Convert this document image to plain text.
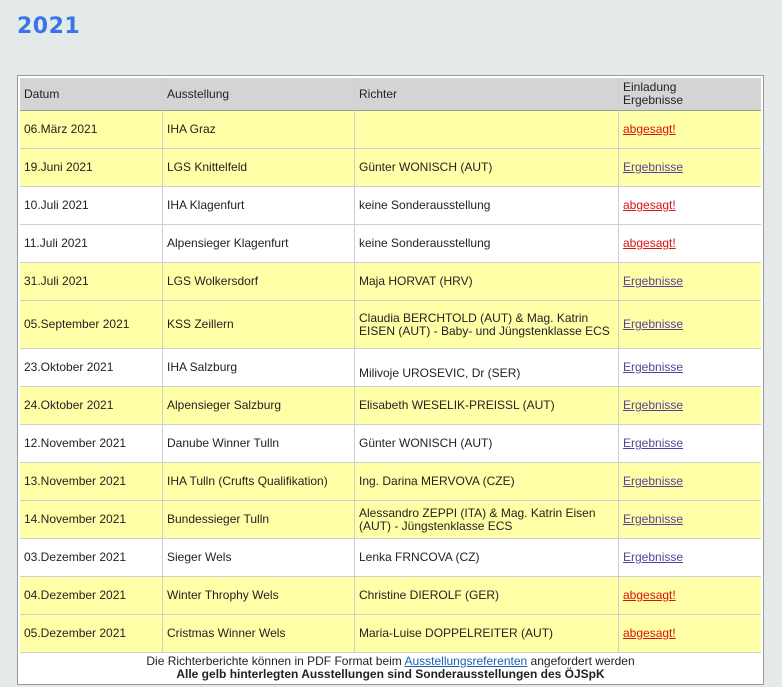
2021
Datum	Ausstellung	Richter	Einladung
Ergebnisse
06.März 2021	IHA Graz		abgesagt!
19.Juni 2021	LGS Knittelfeld	Günter WONISCH (AUT)	Ergebnisse
10.Juli 2021	IHA Klagenfurt	keine Sonderausstellung	abgesagt!
11.Juli 2021	Alpensieger Klagenfurt	keine Sonderausstellung	abgesagt!
31.Juli 2021	LGS Wolkersdorf	Maja HORVAT (HRV)	Ergebnisse
05.September 2021	KSS Zeillern	Claudia BERCHTOLD (AUT) & Mag. Katrin EISEN (AUT) - Baby- und Jüngstenklasse ECS	Ergebnisse
23.Oktober 2021	IHA Salzburg	Milivoje UROSEVIC, Dr (SER)	Ergebnisse
24.Oktober 2021	Alpensieger Salzburg	Elisabeth WESELIK-PREISSL (AUT)	Ergebnisse
12.November 2021	Danube Winner Tulln	Günter WONISCH (AUT)	Ergebnisse
13.November 2021	IHA Tulln (Crufts Qualifikation)	Ing. Darina MERVOVA (CZE)	Ergebnisse
14.November 2021	Bundessieger Tulln	Alessandro ZEPPI (ITA) & Mag. Katrin Eisen (AUT) - Jüngstenklasse ECS	Ergebnisse
03.Dezember 2021	Sieger Wels	Lenka FRNCOVA (CZ)	Ergebnisse
04.Dezember 2021	Winter Throphy Wels	Christine DIEROLF (GER)	abgesagt!
05.Dezember 2021	Cristmas Winner Wels	Maria-Luise DOPPELREITER (AUT)	abgesagt!
Die Richterberichte können in PDF Format beim Ausstellungsreferenten angefordert werden
Alle gelb hinterlegten Ausstellungen sind Sonderausstellungen des ÖJSpK
